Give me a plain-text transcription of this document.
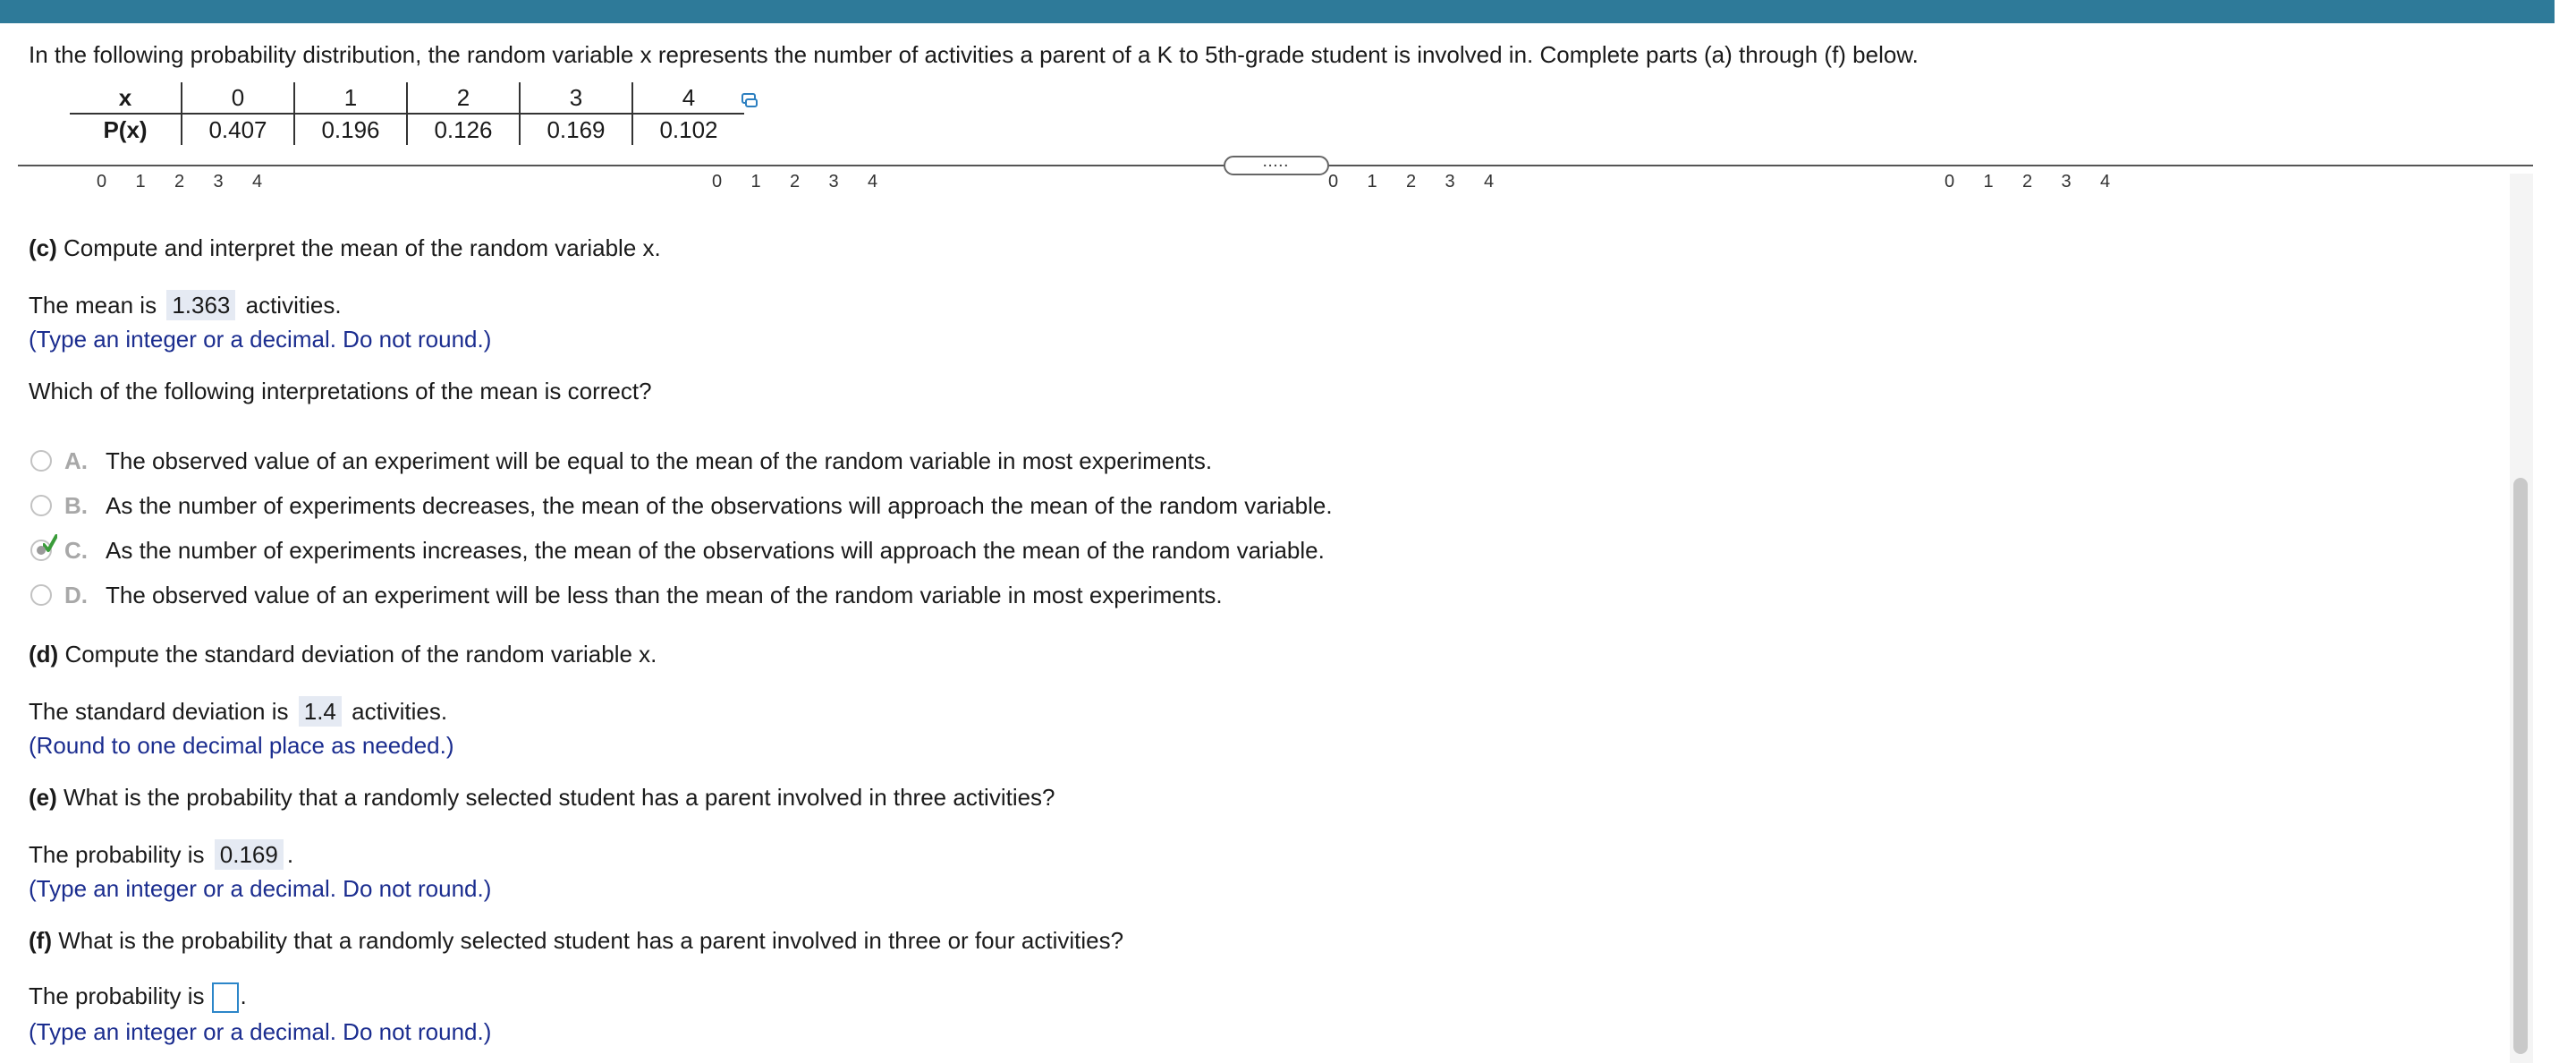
In the following probability distribution, the random variable x represents the number of activities a parent of a K to 5th-grade student is involved in. Complete parts (a) through (f) below.
x	0	1	2	3	4
P(x)	0.407	0.196	0.126	0.169	0.102
.....
0	1	2	3	4	0	1	2	3	4	0	1	2	3	4	0	1	2	3	4
(c) Compute and interpret the mean of the random variable x.
The mean is 1.363 activities.
(Type an integer or a decimal. Do not round.)
Which of the following interpretations of the mean is correct?
A. The observed value of an experiment will be equal to the mean of the random variable in most experiments.
B. As the number of experiments decreases, the mean of the observations will approach the mean of the random variable.
C. As the number of experiments increases, the mean of the observations will approach the mean of the random variable.
D. The observed value of an experiment will be less than the mean of the random variable in most experiments.
(d) Compute the standard deviation of the random variable x.
The standard deviation is 1.4 activities.
(Round to one decimal place as needed.)
(e) What is the probability that a randomly selected student has a parent involved in three activities?
The probability is 0.169 .
(Type an integer or a decimal. Do not round.)
(f) What is the probability that a randomly selected student has a parent involved in three or four activities?
The probability is .
(Type an integer or a decimal. Do not round.)
